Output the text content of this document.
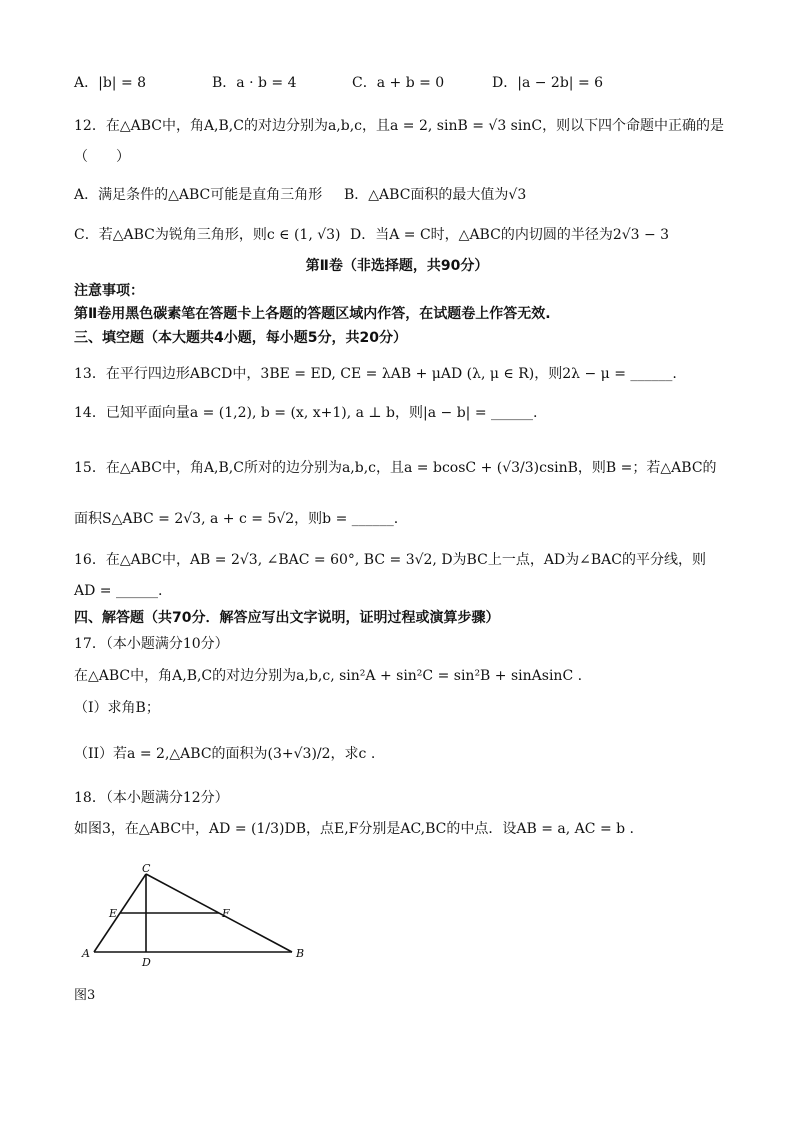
A．|b| = 8	B．a · b = 4	C．a + b = 0	D．|a − 2b| = 6
12．在△ABC中，角A,B,C的对边分别为a,b,c，且a = 2, sinB = √3 sinC，则以下四个命题中正确的是
（　　）
A．满足条件的△ABC可能是直角三角形 B．△ABC面积的最大值为√3
C．若△ABC为锐角三角形，则c ∈ (1, √3) D．当A = C时，△ABC的内切圆的半径为2√3 − 3
第Ⅱ卷（非选择题，共90分）
注意事项：
第Ⅱ卷用黑色碳素笔在答题卡上各题的答题区域内作答，在试题卷上作答无效.
三、填空题（本大题共4小题，每小题5分，共20分）
13．在平行四边形ABCD中，3BE = ED, CE = λAB + μAD (λ, μ ∈ R)，则2λ − μ = ______.
14．已知平面向量a = (1,2), b = (x, x+1), a ⊥ b，则|a − b| = ______.
15．在△ABC中，角A,B,C所对的边分别为a,b,c，且a = bcosC + (√3/3)csinB，则B =；若△ABC的
面积S△ABC = 2√3, a + c = 5√2，则b = ______.
16．在△ABC中，AB = 2√3, ∠BAC = 60°, BC = 3√2, D为BC上一点，AD为∠BAC的平分线，则
AD = ______.
四、解答题（共70分．解答应写出文字说明，证明过程或演算步骤）
17．（本小题满分10分）
在△ABC中，角A,B,C的对边分别为a,b,c, sin²A + sin²C = sin²B + sinAsinC .
（I）求角B；
（II）若a = 2,△ABC的面积为(3+√3)/2，求c .
18．（本小题满分12分）
如图3，在△ABC中，AD = (1/3)DB，点E,F分别是AC,BC的中点．设AB = a, AC = b .
C
E	F
A
D
B
图3
